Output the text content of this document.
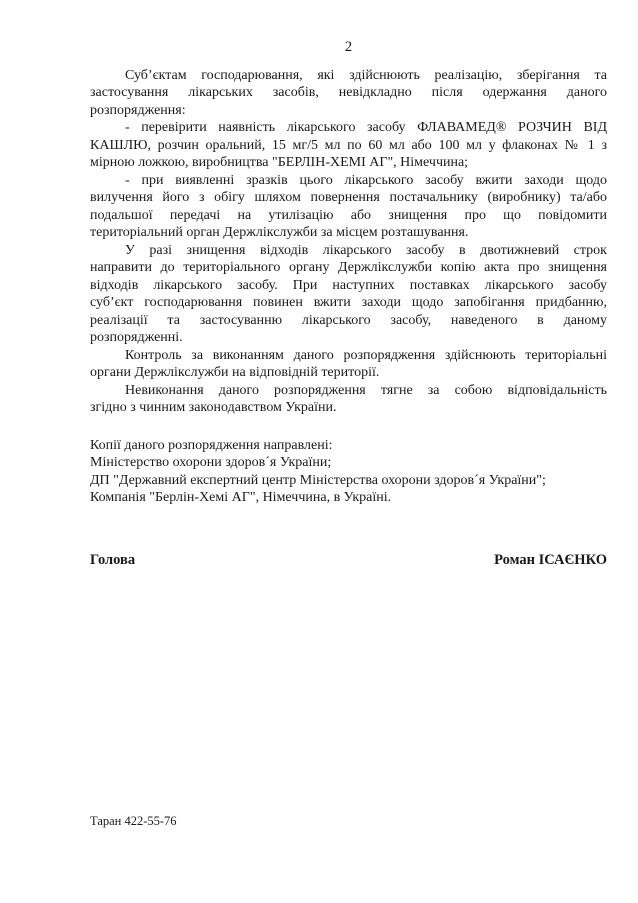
2
Суб’єктам господарювання, які здійснюють реалізацію, зберігання та
застосування лікарських засобів, невідкладно після одержання даного
розпорядження:
- перевірити наявність лікарського засобу ФЛАВАМЕД® РОЗЧИН ВІД
КАШЛЮ, розчин оральний, 15 мг/5 мл по 60 мл або 100 мл у флаконах № 1 з
мірною ложкою, виробництва "БЕРЛІН-ХЕМІ АГ", Німеччина;
- при виявленні зразків цього лікарського засобу вжити заходи щодо
вилучення його з обігу шляхом повернення постачальнику (виробнику) та/або
подальшої передачі на утилізацію або знищення про що повідомити
територіальний орган Держлікслужби за місцем розташування.
У разі знищення відходів лікарського засобу в двотижневий строк
направити до територіального органу Держлікслужби копію акта про знищення
відходів лікарського засобу. При наступних поставках лікарського засобу
суб’єкт господарювання повинен вжити заходи щодо запобігання придбанню,
реалізації та застосуванню лікарського засобу, наведеного в даному
розпорядженні.
Контроль за виконанням даного розпорядження здійснюють територіальні
органи Держлікслужби на відповідній території.
Невиконання даного розпорядження тягне за собою відповідальність
згідно з чинним законодавством України.
Копії даного розпорядження направлені:
Міністерство охорони здоров´я України;
ДП "Державний експертний центр Міністерства охорони здоров´я України";
Компанія "Берлін-Хемі АГ", Німеччина, в Україні.
Голова	Роман ІСАЄНКО
Таран 422-55-76
